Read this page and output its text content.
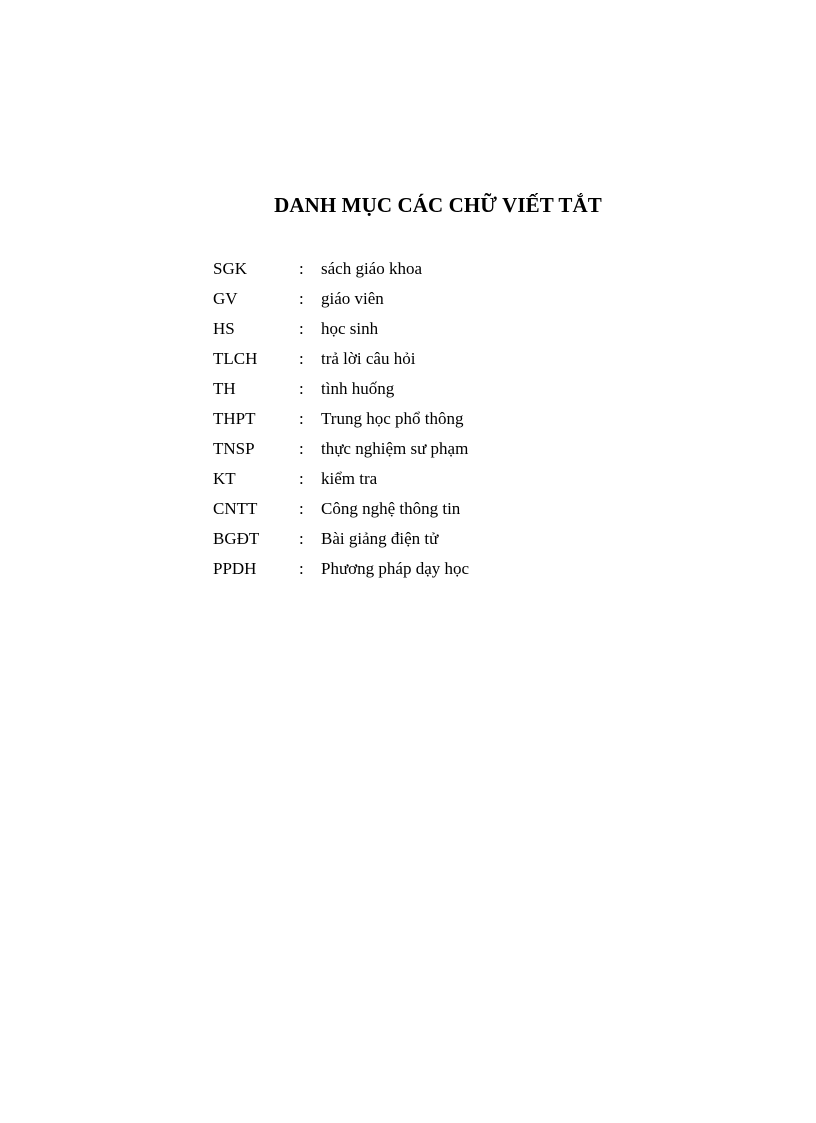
DANH MỤC CÁC CHỮ VIẾT TẮT
SGK	:	sách giáo khoa
GV	:	giáo viên
HS	:	học sinh
TLCH	:	trả lời câu hỏi
TH	:	tình huống
THPT	:	Trung học phổ thông
TNSP	:	thực nghiệm sư phạm
KT	:	kiểm tra
CNTT	:	Công nghệ thông tin
BGĐT	:	Bài giảng điện tử
PPDH	:	Phương pháp dạy học
